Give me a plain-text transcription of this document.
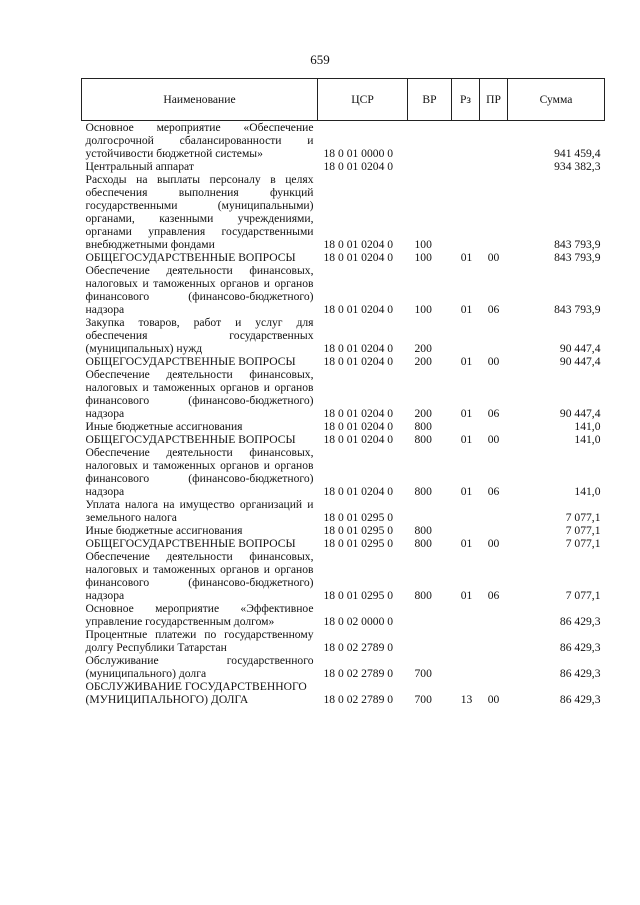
659
Наименование	ЦСР	ВР	Рз	ПР	Сумма
Основное мероприятие «Обеспечение долгосрочной сбалансированности и устойчивости бюджетной системы»	18 0 01 0000 0				941 459,4
Центральный аппарат	18 0 01 0204 0				934 382,3
Расходы на выплаты персоналу в целях обеспечения выполнения функций государственными (муниципальными) органами, казенными учреждениями, органами управления государственными внебюджетными фондами	18 0 01 0204 0	100			843 793,9
ОБЩЕГОСУДАРСТВЕННЫЕ ВОПРОСЫ	18 0 01 0204 0	100	01	00	843 793,9
Обеспечение деятельности финансовых, налоговых и таможенных органов и органов финансового (финансово-бюджетного) надзора	18 0 01 0204 0	100	01	06	843 793,9
Закупка товаров, работ и услуг для обеспечения государственных (муниципальных) нужд	18 0 01 0204 0	200			90 447,4
ОБЩЕГОСУДАРСТВЕННЫЕ ВОПРОСЫ	18 0 01 0204 0	200	01	00	90 447,4
Обеспечение деятельности финансовых, налоговых и таможенных органов и органов финансового (финансово-бюджетного) надзора	18 0 01 0204 0	200	01	06	90 447,4
Иные бюджетные ассигнования	18 0 01 0204 0	800			141,0
ОБЩЕГОСУДАРСТВЕННЫЕ ВОПРОСЫ	18 0 01 0204 0	800	01	00	141,0
Обеспечение деятельности финансовых, налоговых и таможенных органов и органов финансового (финансово-бюджетного) надзора	18 0 01 0204 0	800	01	06	141,0
Уплата налога на имущество организаций и земельного налога	18 0 01 0295 0				7 077,1
Иные бюджетные ассигнования	18 0 01 0295 0	800			7 077,1
ОБЩЕГОСУДАРСТВЕННЫЕ ВОПРОСЫ	18 0 01 0295 0	800	01	00	7 077,1
Обеспечение деятельности финансовых, налоговых и таможенных органов и органов финансового (финансово-бюджетного) надзора	18 0 01 0295 0	800	01	06	7 077,1
Основное мероприятие «Эффективное управление государственным долгом»	18 0 02 0000 0				86 429,3
Процентные платежи по государственному долгу Республики Татарстан	18 0 02 2789 0				86 429,3
Обслуживание государственного (муниципального) долга	18 0 02 2789 0	700			86 429,3
ОБСЛУЖИВАНИЕ ГОСУДАРСТВЕННОГО (МУНИЦИПАЛЬНОГО) ДОЛГА	18 0 02 2789 0	700	13	00	86 429,3
